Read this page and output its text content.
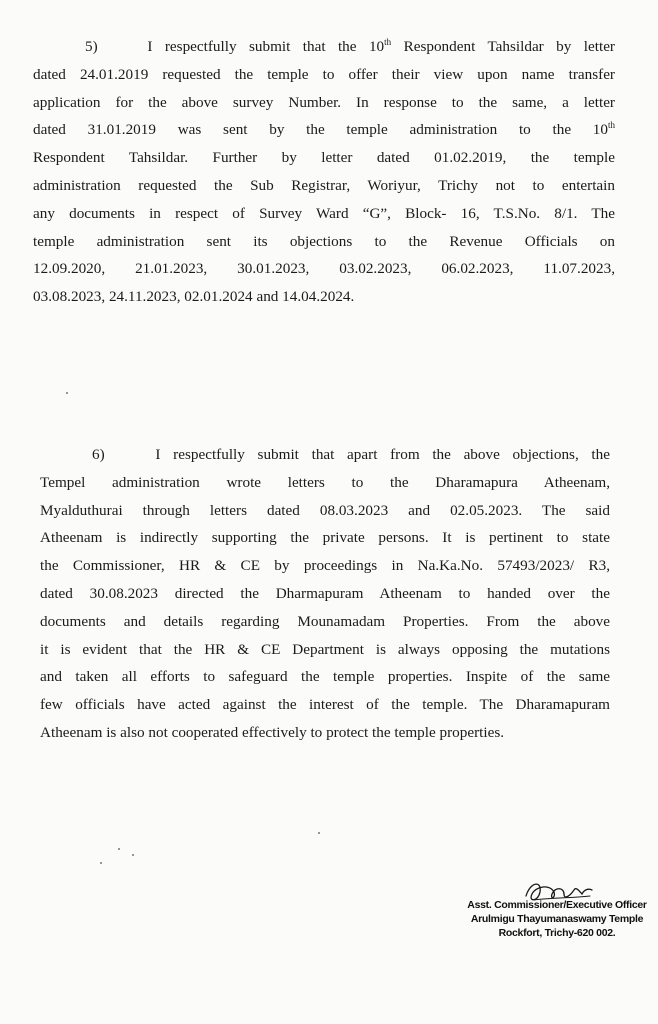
5)    I respectfully submit that the 10th Respondent Tahsildar by letter
dated 24.01.2019 requested the temple to offer their view upon name transfer
application for the above survey Number. In response to the same, a letter
dated 31.01.2019 was sent by the temple administration to the 10th
Respondent Tahsildar. Further by letter dated 01.02.2019, the temple
administration requested the Sub Registrar, Woriyur, Trichy not to entertain
any documents in respect of Survey Ward “G”, Block- 16, T.S.No. 8/1. The
temple administration sent its objections to the Revenue Officials on
12.09.2020, 21.01.2023, 30.01.2023, 03.02.2023, 06.02.2023, 11.07.2023,
03.08.2023, 24.11.2023, 02.01.2024 and 14.04.2024.
6)    I respectfully submit that apart from the above objections, the
Tempel administration wrote letters to the Dharamapura Atheenam,
Myalduthurai through letters dated 08.03.2023 and 02.05.2023. The said
Atheenam is indirectly supporting the private persons. It is pertinent to state
the Commissioner, HR & CE by proceedings in Na.Ka.No. 57493/2023/ R3,
dated 30.08.2023 directed the Dharmapuram Atheenam to handed over the
documents and details regarding Mounamadam Properties. From the above
it is evident that the HR & CE Department is always opposing the mutations
and taken all efforts to safeguard the temple properties. Inspite of the same
few officials have acted against the interest of the temple. The Dharamapuram
Atheenam is also not cooperated effectively to protect the temple properties.
Asst. Commissioner/Executive Officer
Arulmigu Thayumanaswamy Temple
Rockfort, Trichy-620 002.
